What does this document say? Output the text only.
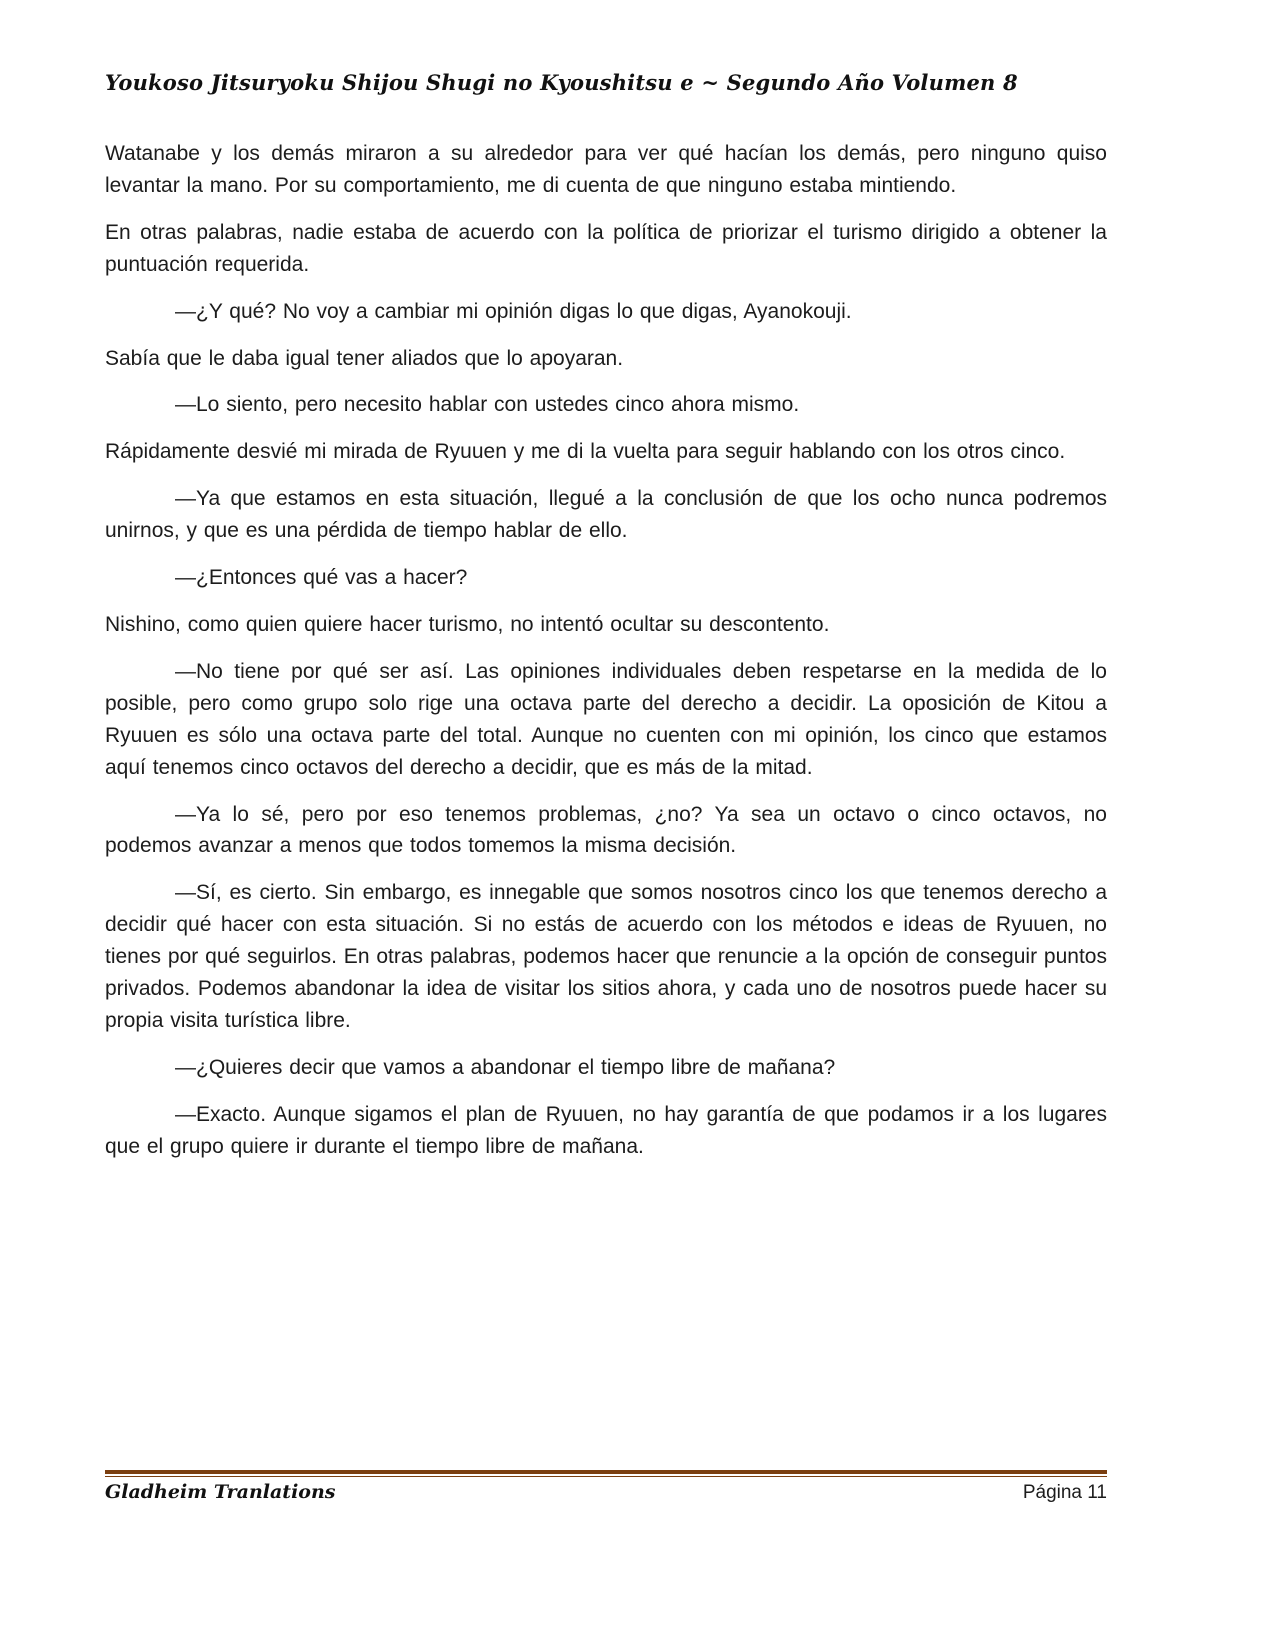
Youkoso Jitsuryoku Shijou Shugi no Kyoushitsu e ~ Segundo Año Volumen 8

Watanabe y los demás miraron a su alrededor para ver qué hacían los demás, pero ninguno quiso levantar la mano. Por su comportamiento, me di cuenta de que ninguno estaba mintiendo.

En otras palabras, nadie estaba de acuerdo con la política de priorizar el turismo dirigido a obtener la puntuación requerida.

—¿Y qué? No voy a cambiar mi opinión digas lo que digas, Ayanokouji.

Sabía que le daba igual tener aliados que lo apoyaran.

—Lo siento, pero necesito hablar con ustedes cinco ahora mismo.

Rápidamente desvié mi mirada de Ryuuen y me di la vuelta para seguir hablando con los otros cinco.

—Ya que estamos en esta situación, llegué a la conclusión de que los ocho nunca podremos unirnos, y que es una pérdida de tiempo hablar de ello.

—¿Entonces qué vas a hacer?

Nishino, como quien quiere hacer turismo, no intentó ocultar su descontento.

—No tiene por qué ser así. Las opiniones individuales deben respetarse en la medida de lo posible, pero como grupo solo rige una octava parte del derecho a decidir. La oposición de Kitou a Ryuuen es sólo una octava parte del total. Aunque no cuenten con mi opinión, los cinco que estamos aquí tenemos cinco octavos del derecho a decidir, que es más de la mitad.

—Ya lo sé, pero por eso tenemos problemas, ¿no? Ya sea un octavo o cinco octavos, no podemos avanzar a menos que todos tomemos la misma decisión.

—Sí, es cierto. Sin embargo, es innegable que somos nosotros cinco los que tenemos derecho a decidir qué hacer con esta situación. Si no estás de acuerdo con los métodos e ideas de Ryuuen, no tienes por qué seguirlos. En otras palabras, podemos hacer que renuncie a la opción de conseguir puntos privados. Podemos abandonar la idea de visitar los sitios ahora, y cada uno de nosotros puede hacer su propia visita turística libre.

—¿Quieres decir que vamos a abandonar el tiempo libre de mañana?

—Exacto. Aunque sigamos el plan de Ryuuen, no hay garantía de que podamos ir a los lugares que el grupo quiere ir durante el tiempo libre de mañana.

Gladheim Tranlations	Página 11
